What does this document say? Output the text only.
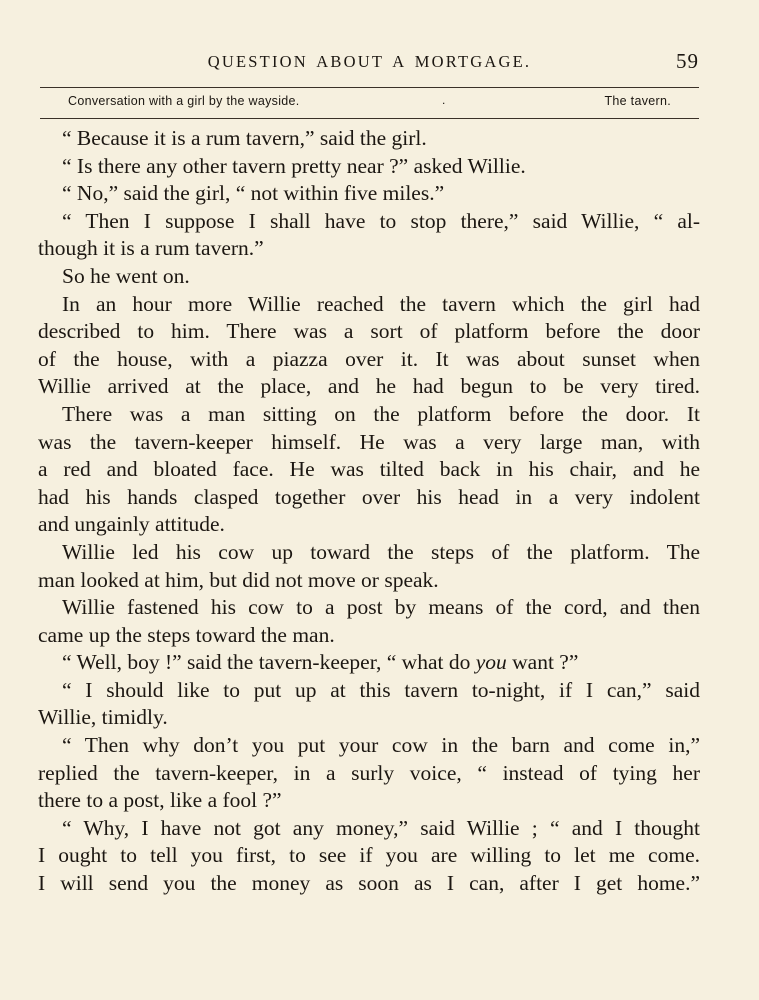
QUESTION ABOUT A MORTGAGE.	59
Conversation with a girl by the wayside.	.	The tavern.
“ Because it is a rum tavern,” said the girl.
“ Is there any other tavern pretty near ?” asked Willie.
“ No,” said the girl, “ not within five miles.”
“ Then I suppose I shall have to stop there,” said Willie, “ al-
though it is a rum tavern.”
So he went on.
In an hour more Willie reached the tavern which the girl had
described to him. There was a sort of platform before the door
of the house, with a piazza over it. It was about sunset when
Willie arrived at the place, and he had begun to be very tired.
There was a man sitting on the platform before the door. It
was the tavern-keeper himself. He was a very large man, with
a red and bloated face. He was tilted back in his chair, and he
had his hands clasped together over his head in a very indolent
and ungainly attitude.
Willie led his cow up toward the steps of the platform. The
man looked at him, but did not move or speak.
Willie fastened his cow to a post by means of the cord, and then
came up the steps toward the man.
“ Well, boy !” said the tavern-keeper, “ what do you want ?”
“ I should like to put up at this tavern to-night, if I can,” said
Willie, timidly.
“ Then why don’t you put your cow in the barn and come in,”
replied the tavern-keeper, in a surly voice, “ instead of tying her
there to a post, like a fool ?”
“ Why, I have not got any money,” said Willie ; “ and I thought
I ought to tell you first, to see if you are willing to let me come.
I will send you the money as soon as I can, after I get home.”
